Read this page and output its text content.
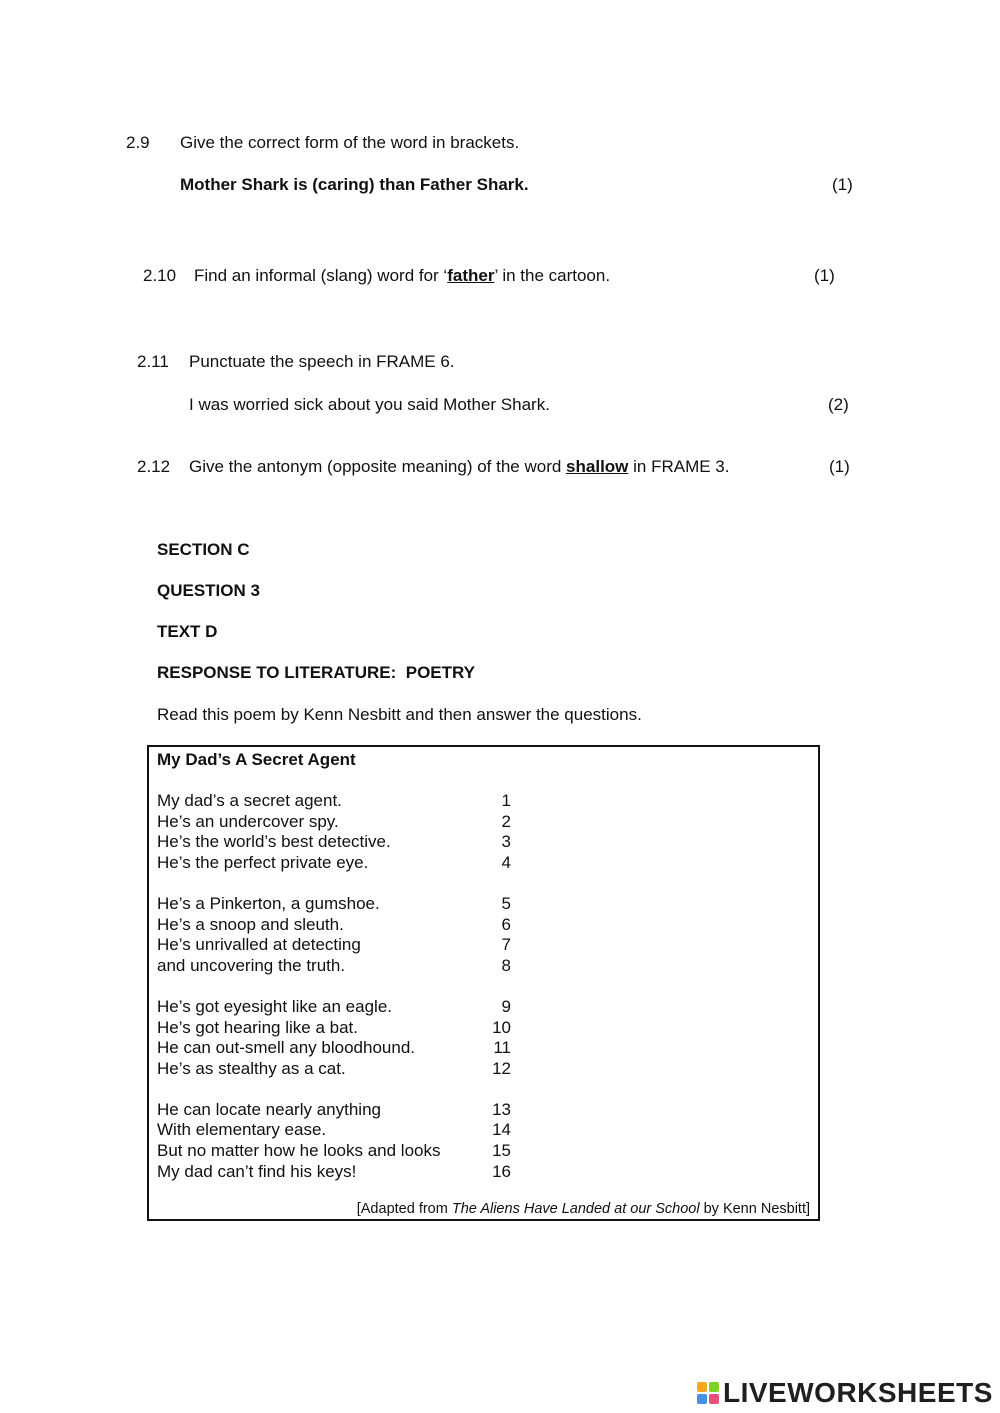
2.9 Give the correct form of the word in brackets.
Mother Shark is (caring) than Father Shark.	(1)
2.10 Find an informal (slang) word for ‘father’ in the cartoon.	(1)
2.11 Punctuate the speech in FRAME 6.
I was worried sick about you said Mother Shark.	(2)
2.12 Give the antonym (opposite meaning) of the word shallow in FRAME 3.	(1)
SECTION C
QUESTION 3
TEXT D
RESPONSE TO LITERATURE:  POETRY
Read this poem by Kenn Nesbitt and then answer the questions.
My Dad’s A Secret Agent
My dad’s a secret agent.	1
He’s an undercover spy.	2
He’s the world’s best detective.	3
He’s the perfect private eye.	4
He’s a Pinkerton, a gumshoe.	5
He’s a snoop and sleuth.	6
He’s unrivalled at detecting	7
and uncovering the truth.	8
He’s got eyesight like an eagle.	9
He’s got hearing like a bat.	10
He can out-smell any bloodhound.	11
He’s as stealthy as a cat.	12
He can locate nearly anything	13
With elementary ease.	14
But no matter how he looks and looks	15
My dad can’t find his keys!	16
[Adapted from The Aliens Have Landed at our School by Kenn Nesbitt]
LIVEWORKSHEETS
